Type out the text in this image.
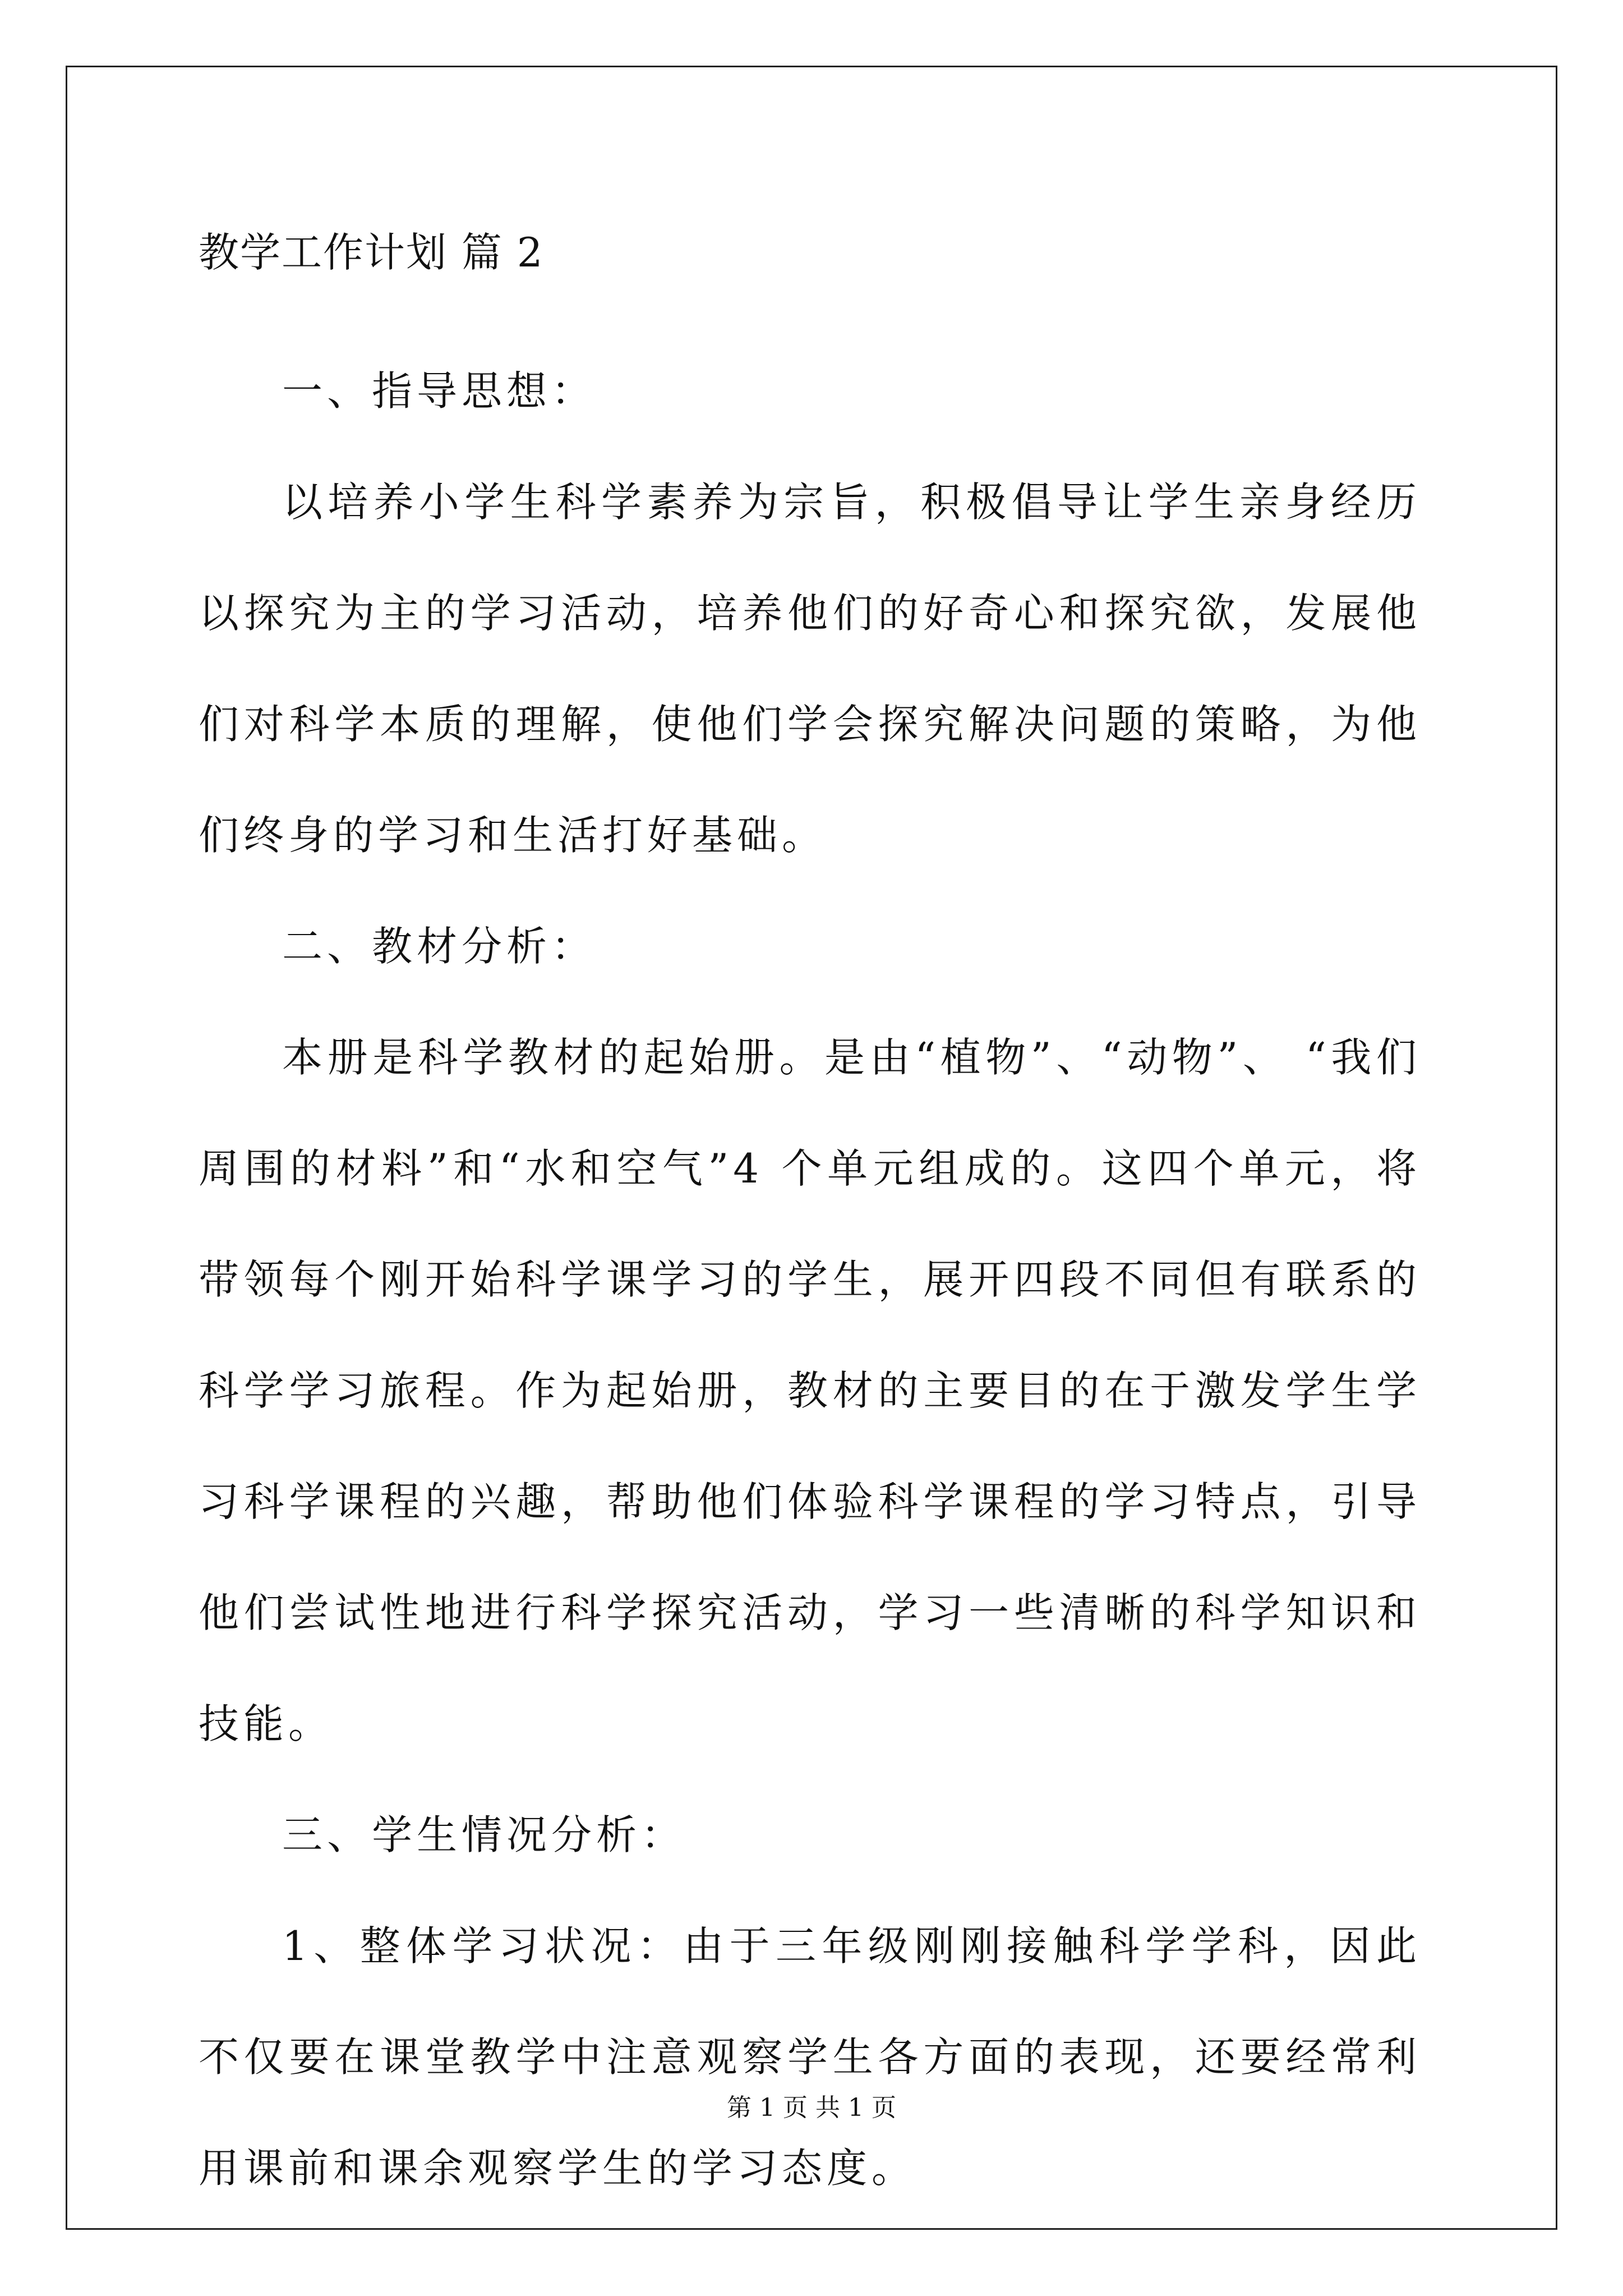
教学工作计划 篇 2

一、指导思想：

以培养小学生科学素养为宗旨，积极倡导让学生亲身经历以探究为主的学习活动，培养他们的好奇心和探究欲，发展他们对科学本质的理解，使他们学会探究解决问题的策略，为他们终身的学习和生活打好基础。

二、教材分析：

本册是科学教材的起始册。是由“植物”、“动物”、 “我们周围的材料”和“水和空气”4 个单元组成的。这四个单元，将带领每个刚开始科学课学习的学生，展开四段不同但有联系的科学学习旅程。作为起始册，教材的主要目的在于激发学生学习科学课程的兴趣，帮助他们体验科学课程的学习特点，引导他们尝试性地进行科学探究活动，学习一些清晰的科学知识和技能。

三、学生情况分析：

1、整体学习状况：由于三年级刚刚接触科学学科，因此不仅要在课堂教学中注意观察学生各方面的表现，还要经常利用课前和课余观察学生的学习态度。

第 1 页 共 1 页
